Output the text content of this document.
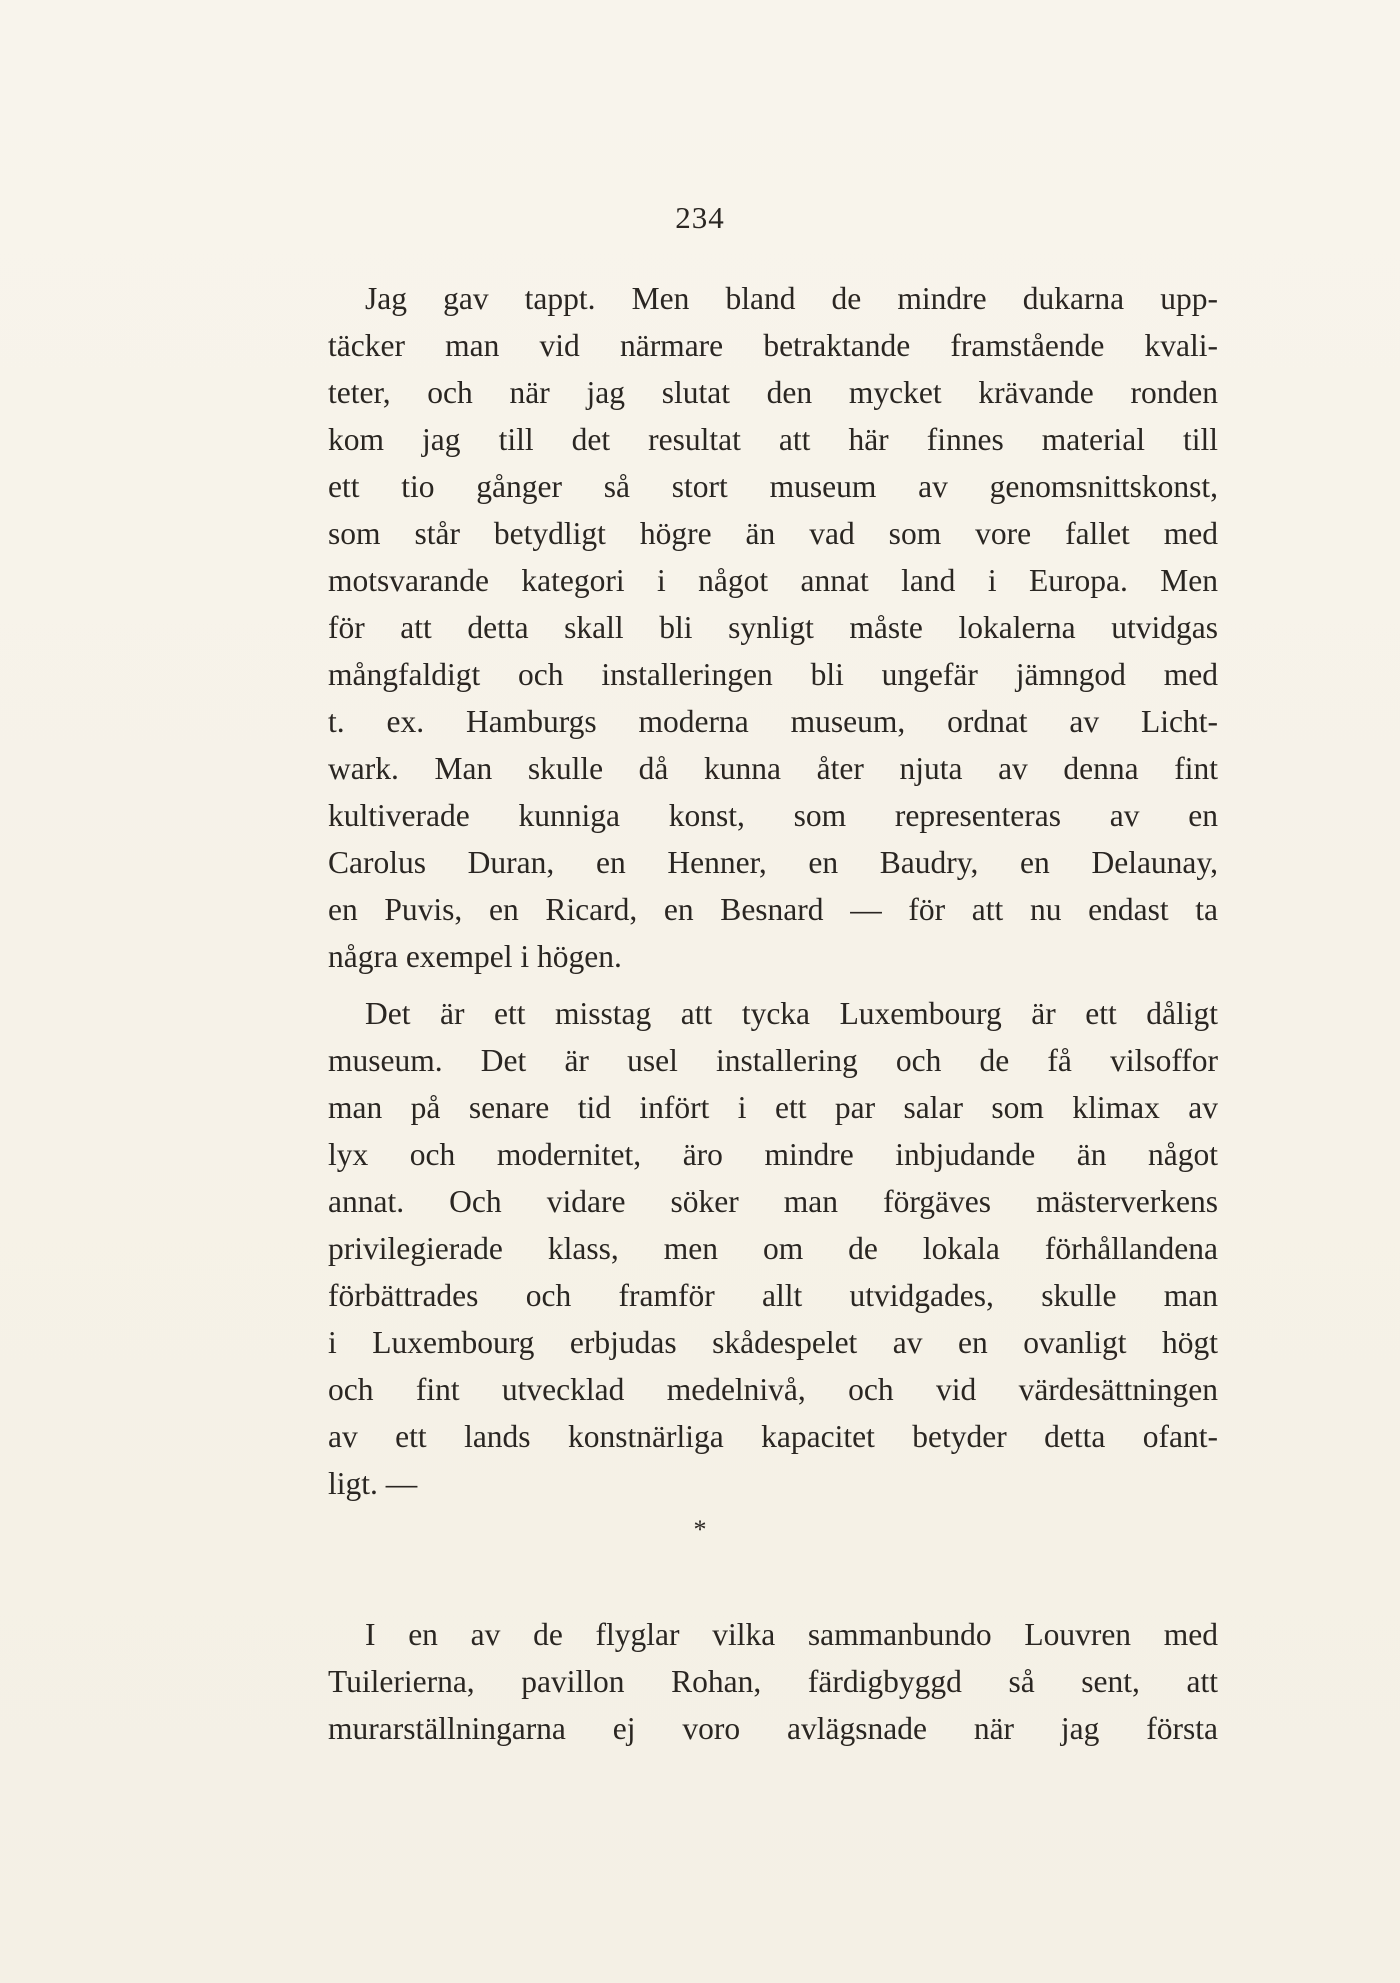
234
Jag gav tappt. Men bland de mindre dukarna upp-
täcker man vid närmare betraktande framstående kvali-
teter, och när jag slutat den mycket krävande ronden
kom jag till det resultat att här finnes material till
ett tio gånger så stort museum av genomsnittskonst,
som står betydligt högre än vad som vore fallet med
motsvarande kategori i något annat land i Europa. Men
för att detta skall bli synligt måste lokalerna utvidgas
mångfaldigt och installeringen bli ungefär jämngod med
t. ex. Hamburgs moderna museum, ordnat av Licht-
wark. Man skulle då kunna åter njuta av denna fint
kultiverade kunniga konst, som representeras av en
Carolus Duran, en Henner, en Baudry, en Delaunay,
en Puvis, en Ricard, en Besnard — för att nu endast ta
några exempel i högen.
Det är ett misstag att tycka Luxembourg är ett dåligt
museum. Det är usel installering och de få vilsoffor
man på senare tid infört i ett par salar som klimax av
lyx och modernitet, äro mindre inbjudande än något
annat. Och vidare söker man förgäves mästerverkens
privilegierade klass, men om de lokala förhållandena
förbättrades och framför allt utvidgades, skulle man
i Luxembourg erbjudas skådespelet av en ovanligt högt
och fint utvecklad medelnivå, och vid värdesättningen
av ett lands konstnärliga kapacitet betyder detta ofant-
ligt. —
*
I en av de flyglar vilka sammanbundo Louvren med
Tuilerierna, pavillon Rohan, färdigbyggd så sent, att
murarställningarna ej voro avlägsnade när jag första
